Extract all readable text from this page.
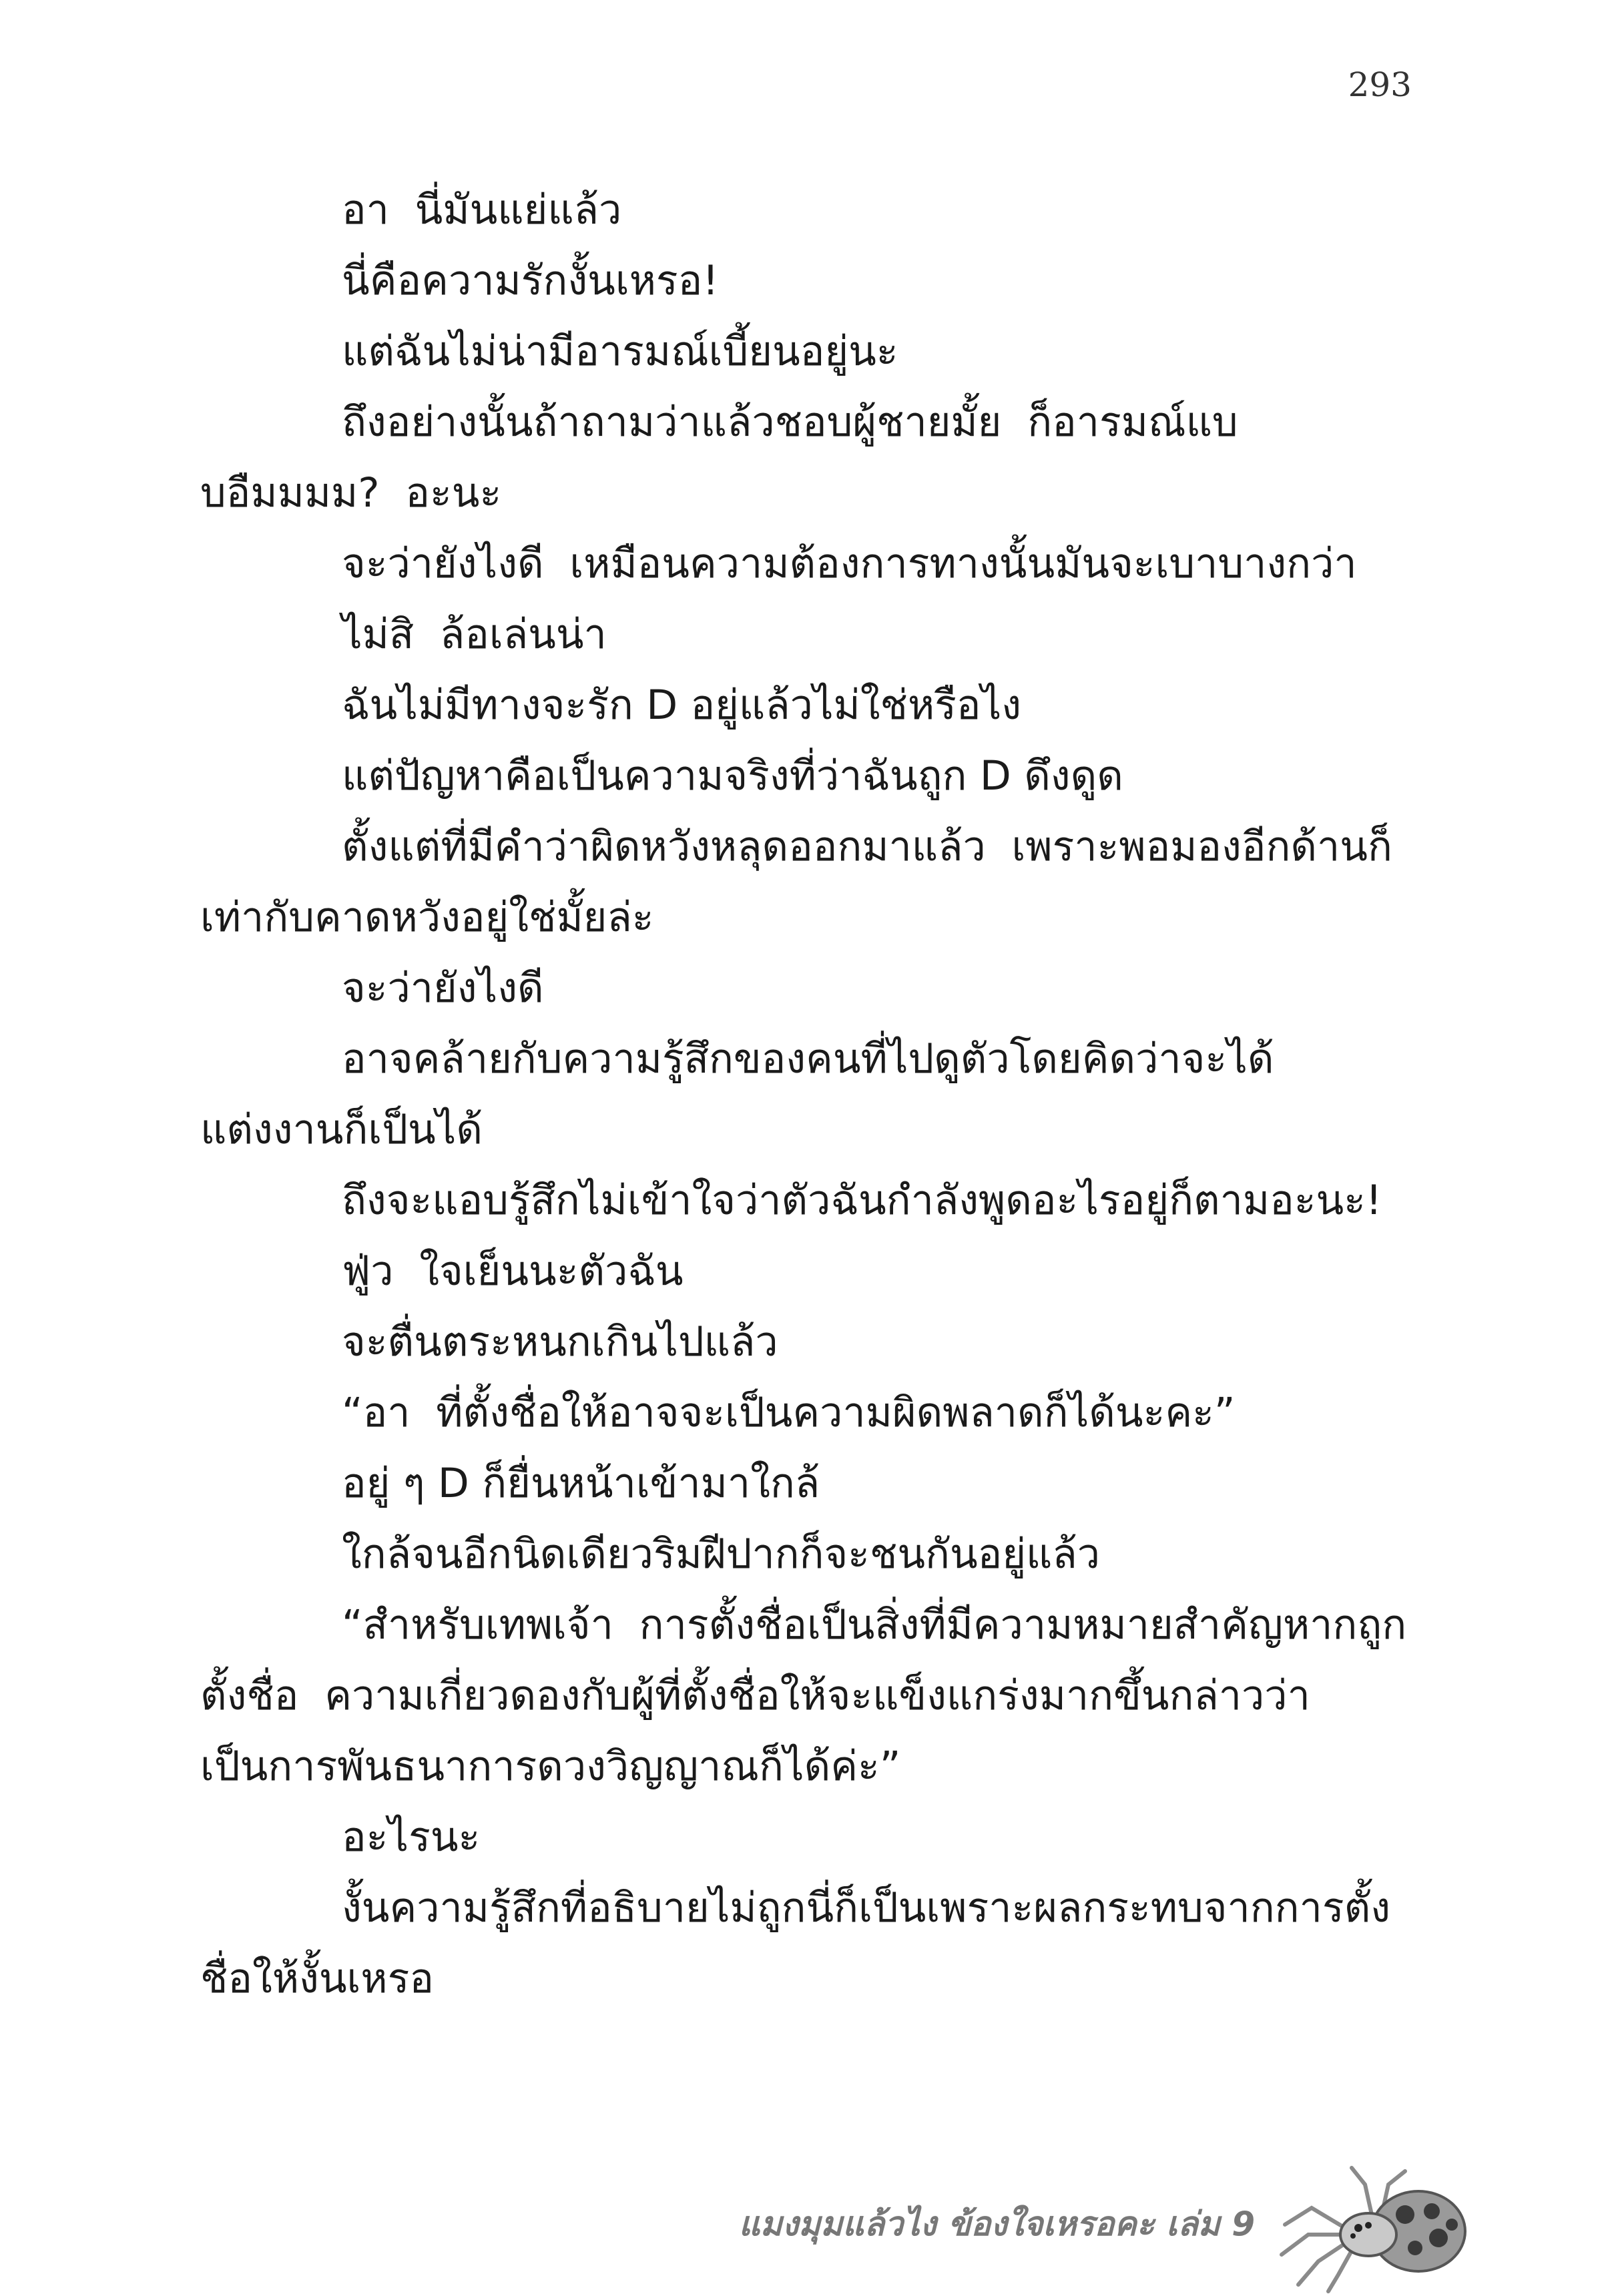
293

อา  นี่มันแย่แล้ว

นี่คือความรักงั้นเหรอ!

แต่ฉันไม่น่ามีอารมณ์เบี้ยนอยู่นะ

ถึงอย่างนั้นถ้าถามว่าแล้วชอบผู้ชายมั้ย  ก็อารมณ์แบบอืมมมม?  อะนะ

จะว่ายังไงดี  เหมือนความต้องการทางนั้นมันจะเบาบางกว่า

ไม่สิ  ล้อเล่นน่า

ฉันไม่มีทางจะรัก D อยู่แล้วไม่ใช่หรือไง

แต่ปัญหาคือเป็นความจริงที่ว่าฉันถูก D ดึงดูด

ตั้งแต่ที่มีคำว่าผิดหวังหลุดออกมาแล้ว  เพราะพอมองอีกด้านก็เท่ากับคาดหวังอยู่ใช่มั้ยล่ะ

จะว่ายังไงดี

อาจคล้ายกับความรู้สึกของคนที่ไปดูตัวโดยคิดว่าจะได้แต่งงานก็เป็นได้

ถึงจะแอบรู้สึกไม่เข้าใจว่าตัวฉันกำลังพูดอะไรอยู่ก็ตามอะนะ!

ฟู่ว  ใจเย็นนะตัวฉัน

จะตื่นตระหนกเกินไปแล้ว

“อา  ที่ตั้งชื่อให้อาจจะเป็นความผิดพลาดก็ได้นะคะ”

อยู่ ๆ D ก็ยื่นหน้าเข้ามาใกล้

ใกล้จนอีกนิดเดียวริมฝีปากก็จะชนกันอยู่แล้ว

“สำหรับเทพเจ้า  การตั้งชื่อเป็นสิ่งที่มีความหมายสำคัญหากถูกตั้งชื่อ  ความเกี่ยวดองกับผู้ที่ตั้งชื่อให้จะแข็งแกร่งมากขึ้นกล่าวว่าเป็นการพันธนาการดวงวิญญาณก็ได้ค่ะ”

อะไรนะ

งั้นความรู้สึกที่อธิบายไม่ถูกนี่ก็เป็นเพราะผลกระทบจากการตั้งชื่อให้งั้นเหรอ

แมงมุมแล้วไง ข้องใจเหรอคะ เล่ม 9
